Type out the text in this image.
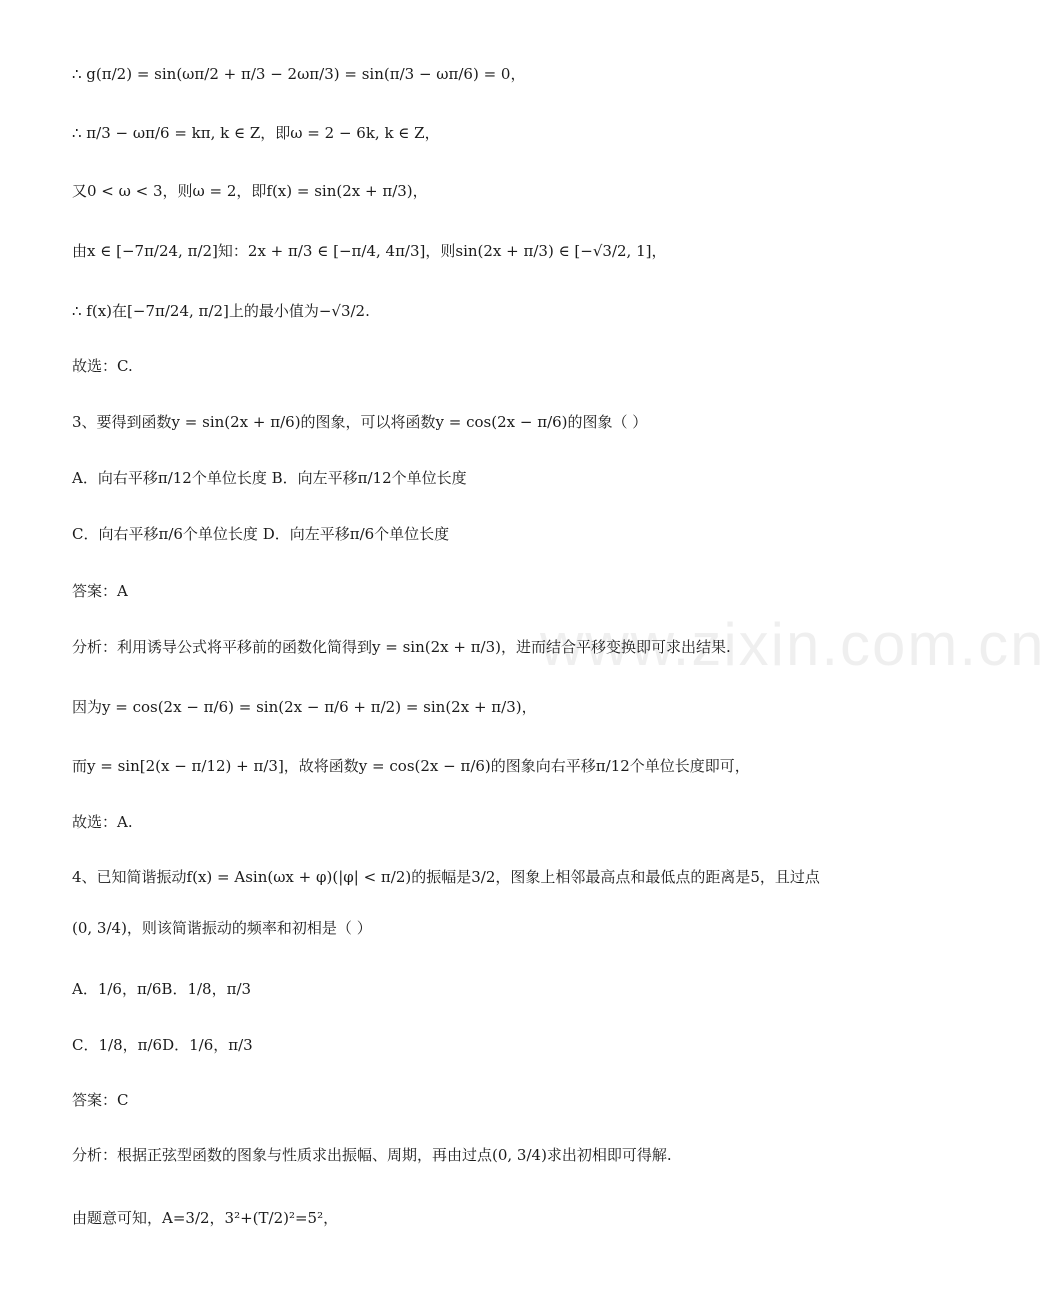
www.zixin.com.cn
∴ g(π/2) = sin(ωπ/2 + π/3 − 2ωπ/3) = sin(π/3 − ωπ/6) = 0，
∴ π/3 − ωπ/6 = kπ, k ∈ Z，即ω = 2 − 6k, k ∈ Z，
又0 < ω < 3，则ω = 2，即f(x) = sin(2x + π/3)，
由x ∈ [−7π/24, π/2]知：2x + π/3 ∈ [−π/4, 4π/3]，则sin(2x + π/3) ∈ [−√3/2, 1]，
∴ f(x)在[−7π/24, π/2]上的最小值为−√3/2.
故选：C.
3、要得到函数y = sin(2x + π/6)的图象，可以将函数y = cos(2x − π/6)的图象（ ）
A．向右平移π/12个单位长度 B．向左平移π/12个单位长度
C．向右平移π/6个单位长度 D．向左平移π/6个单位长度
答案：A
分析：利用诱导公式将平移前的函数化简得到y = sin(2x + π/3)，进而结合平移变换即可求出结果.
因为y = cos(2x − π/6) = sin(2x − π/6 + π/2) = sin(2x + π/3)，
而y = sin[2(x − π/12) + π/3]，故将函数y = cos(2x − π/6)的图象向右平移π/12个单位长度即可，
故选：A.
4、已知简谐振动f(x) = Asin(ωx + φ)(|φ| < π/2)的振幅是3/2，图象上相邻最高点和最低点的距离是5，且过点
(0, 3/4)，则该简谐振动的频率和初相是（ ）
A．1/6，π/6B．1/8，π/3
C．1/8，π/6D．1/6，π/3
答案：C
分析：根据正弦型函数的图象与性质求出振幅、周期，再由过点(0, 3/4)求出初相即可得解.
由题意可知，A=3/2，3²+(T/2)²=5²，
